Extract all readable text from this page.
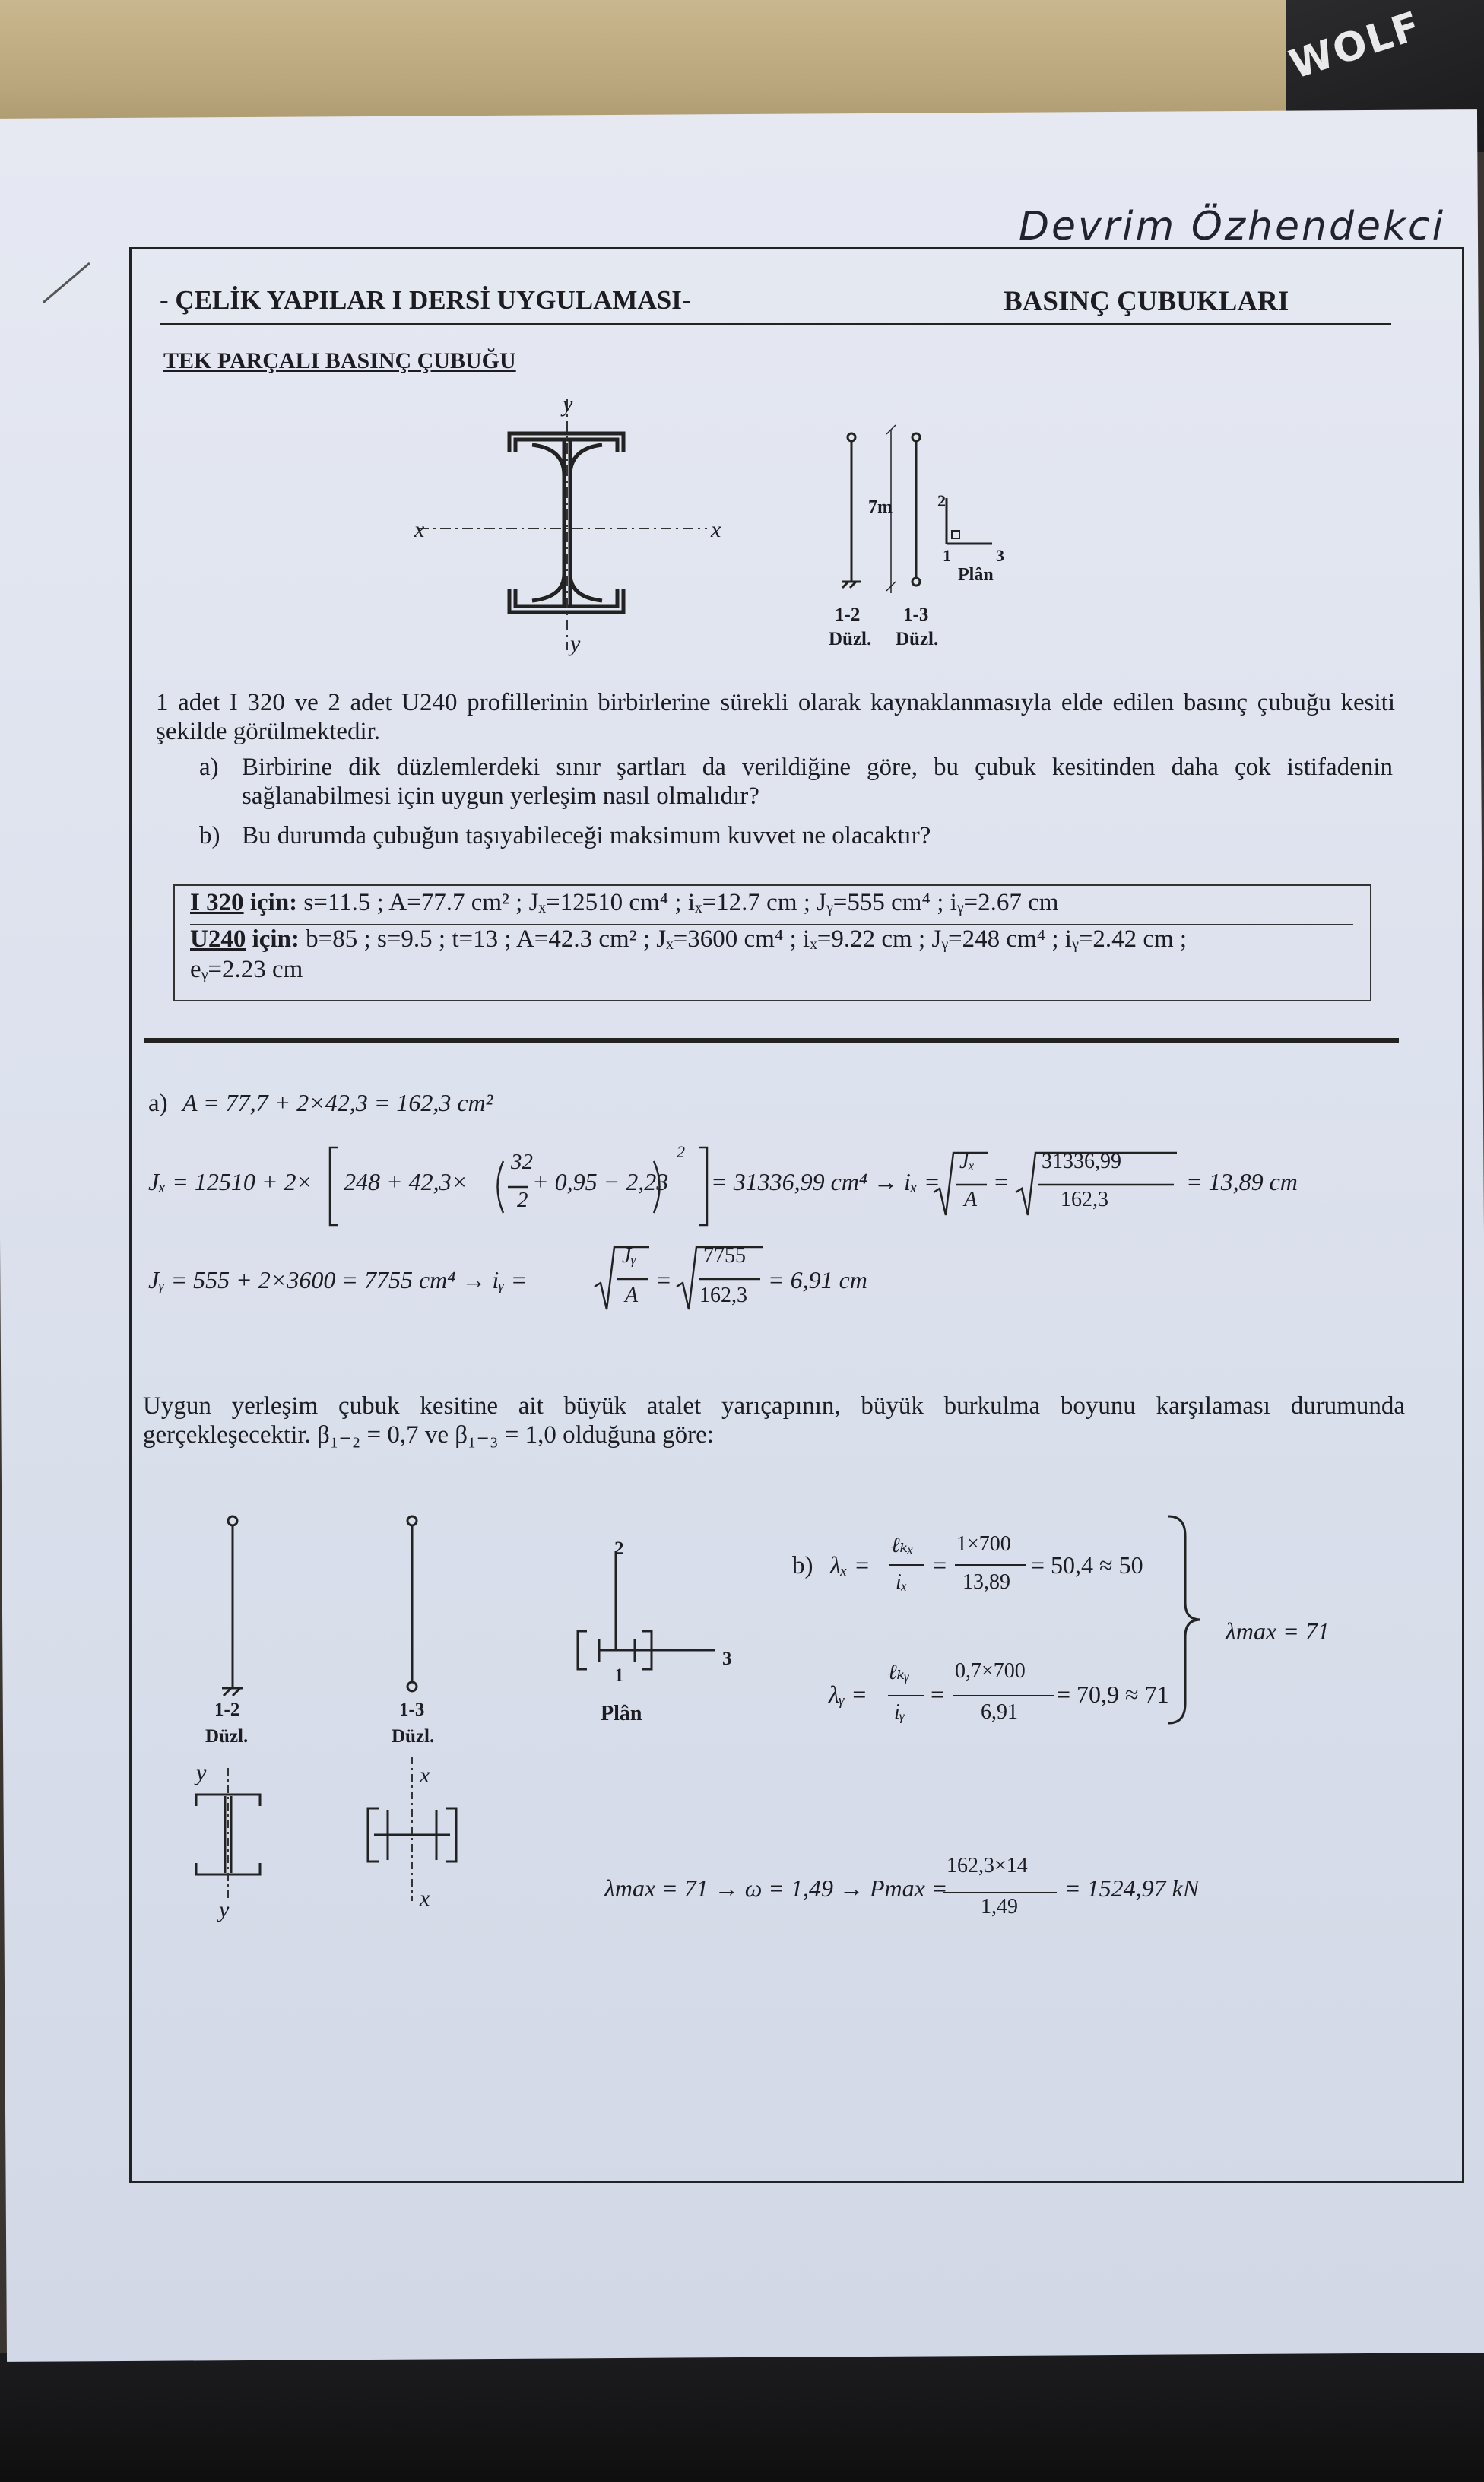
WOLF
Devrim Özhendekci
- ÇELİK YAPILAR I DERSİ UYGULAMASI-	BASINÇ ÇUBUKLARI
TEK PARÇALI BASINÇ ÇUBUĞU
y
x	x
y
7m	2
1	3
Plân
1-2
Düzl.
1-3
Düzl.
1 adet I 320 ve 2 adet U240 profillerinin birbirlerine sürekli olarak kaynaklanmasıyla elde edilen basınç çubuğu kesiti şekilde görülmektedir.
a) Birbirine dik düzlemlerdeki sınır şartları da verildiğine göre, bu çubuk kesitinden daha çok istifadenin sağlanabilmesi için uygun yerleşim nasıl olmalıdır?
b) Bu durumda çubuğun taşıyabileceği maksimum kuvvet ne olacaktır?
I 320 için: s=11.5 ; A=77.7 cm² ; Jₓ=12510 cm⁴ ; iₓ=12.7 cm ; Jᵧ=555 cm⁴ ; iᵧ=2.67 cm
U240 için: b=85 ; s=9.5 ; t=13 ; A=42.3 cm² ; Jₓ=3600 cm⁴ ; iₓ=9.22 cm ; Jᵧ=248 cm⁴ ; iᵧ=2.42 cm ;
eᵧ=2.23 cm
a) A = 77,7 + 2×42,3 = 162,3 cm²
Jₓ = 12510 + 2× 248 + 42,3×
32
2
+ 0,95 − 2,23
2
= 31336,99 cm⁴ → iₓ =
Jₓ
A
=
31336,99
162,3
= 13,89 cm
Jᵧ = 555 + 2×3600 = 7755 cm⁴ → iᵧ =
Jᵧ
A
=
7755
162,3
= 6,91 cm
Uygun yerleşim çubuk kesitine ait büyük atalet yarıçapının, büyük burkulma boyunu karşılaması durumunda gerçekleşecektir. β₁₋₂ = 0,7 ve β₁₋₃ = 1,0 olduğuna göre:
1-2
Düzl.
1-3
Düzl.
2
1
3
Plân
y
y
x
x
b) λₓ =
ℓₖₓ
iₓ
=
1×700
13,89
= 50,4 ≈ 50
λᵧ =
ℓₖᵧ
iᵧ
=
0,7×700
6,91
= 70,9 ≈ 71
λmax = 71
λmax = 71 → ω = 1,49 → Pmax =
162,3×14
1,49
= 1524,97 kN
